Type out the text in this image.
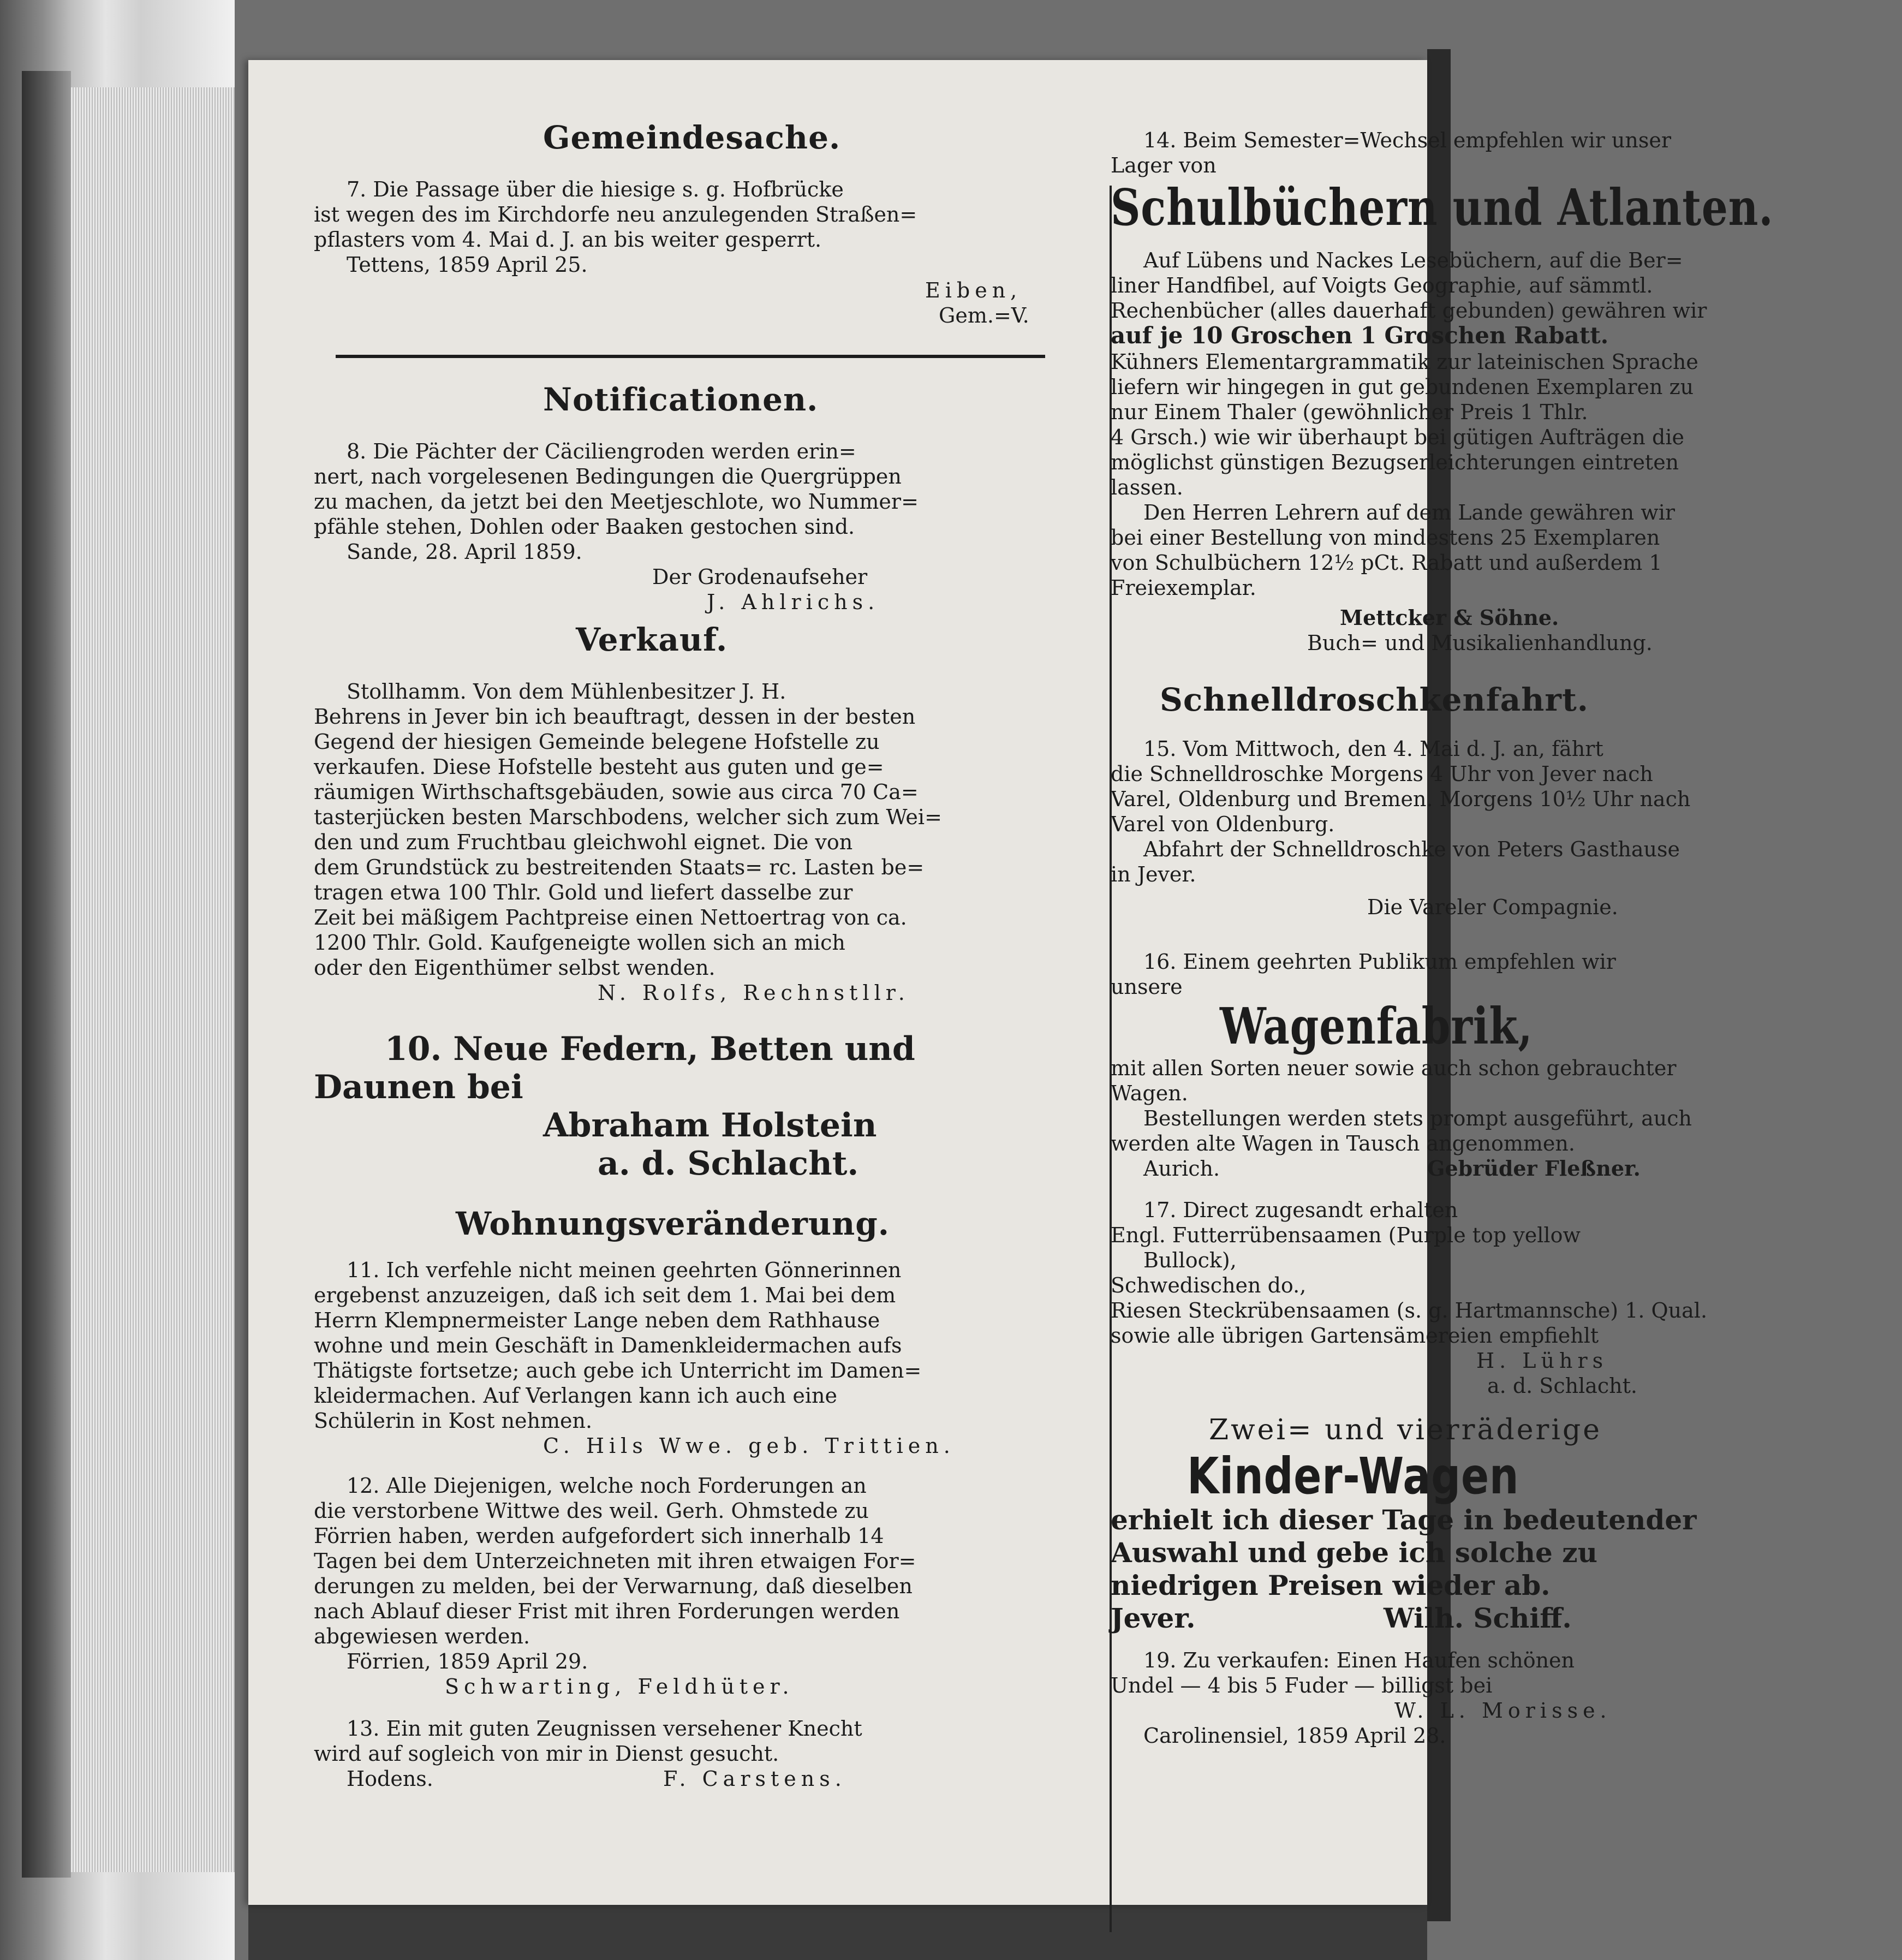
Gemeindesache.
7. Die Passage über die hiesige s. g. Hofbrücke
ist wegen des im Kirchdorfe neu anzulegenden Straßen=
pflasters vom 4. Mai d. J. an bis weiter gesperrt.
Tettens, 1859 April 25.
Eiben,
Gem.=V.
Notificationen.
8. Die Pächter der Cäciliengroden werden erin=
nert, nach vorgelesenen Bedingungen die Quergrüppen
zu machen, da jetzt bei den Meetjeschlote, wo Nummer=
pfähle stehen, Dohlen oder Baaken gestochen sind.
Sande, 28. April 1859.
Der Grodenaufseher
J. Ahlrichs.
Verkauf.
Stollhamm. Von dem Mühlenbesitzer J. H.
Behrens in Jever bin ich beauftragt, dessen in der besten
Gegend der hiesigen Gemeinde belegene Hofstelle zu
verkaufen. Diese Hofstelle besteht aus guten und ge=
räumigen Wirthschaftsgebäuden, sowie aus circa 70 Ca=
tasterjücken besten Marschbodens, welcher sich zum Wei=
den und zum Fruchtbau gleichwohl eignet. Die von
dem Grundstück zu bestreitenden Staats= rc. Lasten be=
tragen etwa 100 Thlr. Gold und liefert dasselbe zur
Zeit bei mäßigem Pachtpreise einen Nettoertrag von ca.
1200 Thlr. Gold. Kaufgeneigte wollen sich an mich
oder den Eigenthümer selbst wenden.
N. Rolfs, Rechnstllr.
10. Neue Federn, Betten und
Daunen bei
Abraham Holstein
a. d. Schlacht.
Wohnungsveränderung.
11. Ich verfehle nicht meinen geehrten Gönnerinnen
ergebenst anzuzeigen, daß ich seit dem 1. Mai bei dem
Herrn Klempnermeister Lange neben dem Rathhause
wohne und mein Geschäft in Damenkleidermachen aufs
Thätigste fortsetze; auch gebe ich Unterricht im Damen=
kleidermachen. Auf Verlangen kann ich auch eine
Schülerin in Kost nehmen.
C. Hils Wwe. geb. Trittien.
12. Alle Diejenigen, welche noch Forderungen an
die verstorbene Wittwe des weil. Gerh. Ohmstede zu
Förrien haben, werden aufgefordert sich innerhalb 14
Tagen bei dem Unterzeichneten mit ihren etwaigen For=
derungen zu melden, bei der Verwarnung, daß dieselben
nach Ablauf dieser Frist mit ihren Forderungen werden
abgewiesen werden.
Förrien, 1859 April 29.
Schwarting, Feldhüter.
13. Ein mit guten Zeugnissen versehener Knecht
wird auf sogleich von mir in Dienst gesucht.
Hodens.	F. Carstens.
14. Beim Semester=Wechsel empfehlen wir unser
Lager von
Schulbüchern und Atlanten.
Auf Lübens und Nackes Lesebüchern, auf die Ber=
liner Handfibel, auf Voigts Geographie, auf sämmtl.
Rechenbücher (alles dauerhaft gebunden) gewähren wir
auf je 10 Groschen 1 Groschen Rabatt.
Kühners Elementargrammatik zur lateinischen Sprache
liefern wir hingegen in gut gebundenen Exemplaren zu
nur Einem Thaler (gewöhnlicher Preis 1 Thlr.
4 Grsch.) wie wir überhaupt bei gütigen Aufträgen die
möglichst günstigen Bezugserleichterungen eintreten
lassen.
Den Herren Lehrern auf dem Lande gewähren wir
bei einer Bestellung von mindestens 25 Exemplaren
von Schulbüchern 12½ pCt. Rabatt und außerdem 1
Freiexemplar.
Mettcker & Söhne.
Buch= und Musikalienhandlung.
Schnelldroschkenfahrt.
15. Vom Mittwoch, den 4. Mai d. J. an, fährt
die Schnelldroschke Morgens 4 Uhr von Jever nach
Varel, Oldenburg und Bremen. Morgens 10½ Uhr nach
Varel von Oldenburg.
Abfahrt der Schnelldroschke von Peters Gasthause
in Jever.
Die Vareler Compagnie.
16. Einem geehrten Publikum empfehlen wir
unsere
Wagenfabrik,
mit allen Sorten neuer sowie auch schon gebrauchter
Wagen.
Bestellungen werden stets prompt ausgeführt, auch
werden alte Wagen in Tausch angenommen.
Aurich.	Gebrüder Fleßner.
17. Direct zugesandt erhalten
Engl. Futterrübensaamen (Purple top yellow
Bullock),
Schwedischen do.,
Riesen Steckrübensaamen (s. g. Hartmannsche) 1. Qual.
sowie alle übrigen Gartensämereien empfiehlt
H. Lührs
a. d. Schlacht.
Zwei= und vierräderige
Kinder-Wagen
erhielt ich dieser Tage in bedeutender
Auswahl und gebe ich solche zu
niedrigen Preisen wieder ab.
Jever.	Wilh. Schiff.
19. Zu verkaufen: Einen Haufen schönen
Undel — 4 bis 5 Fuder — billigst bei
W. L. Morisse.
Carolinensiel, 1859 April 28.
